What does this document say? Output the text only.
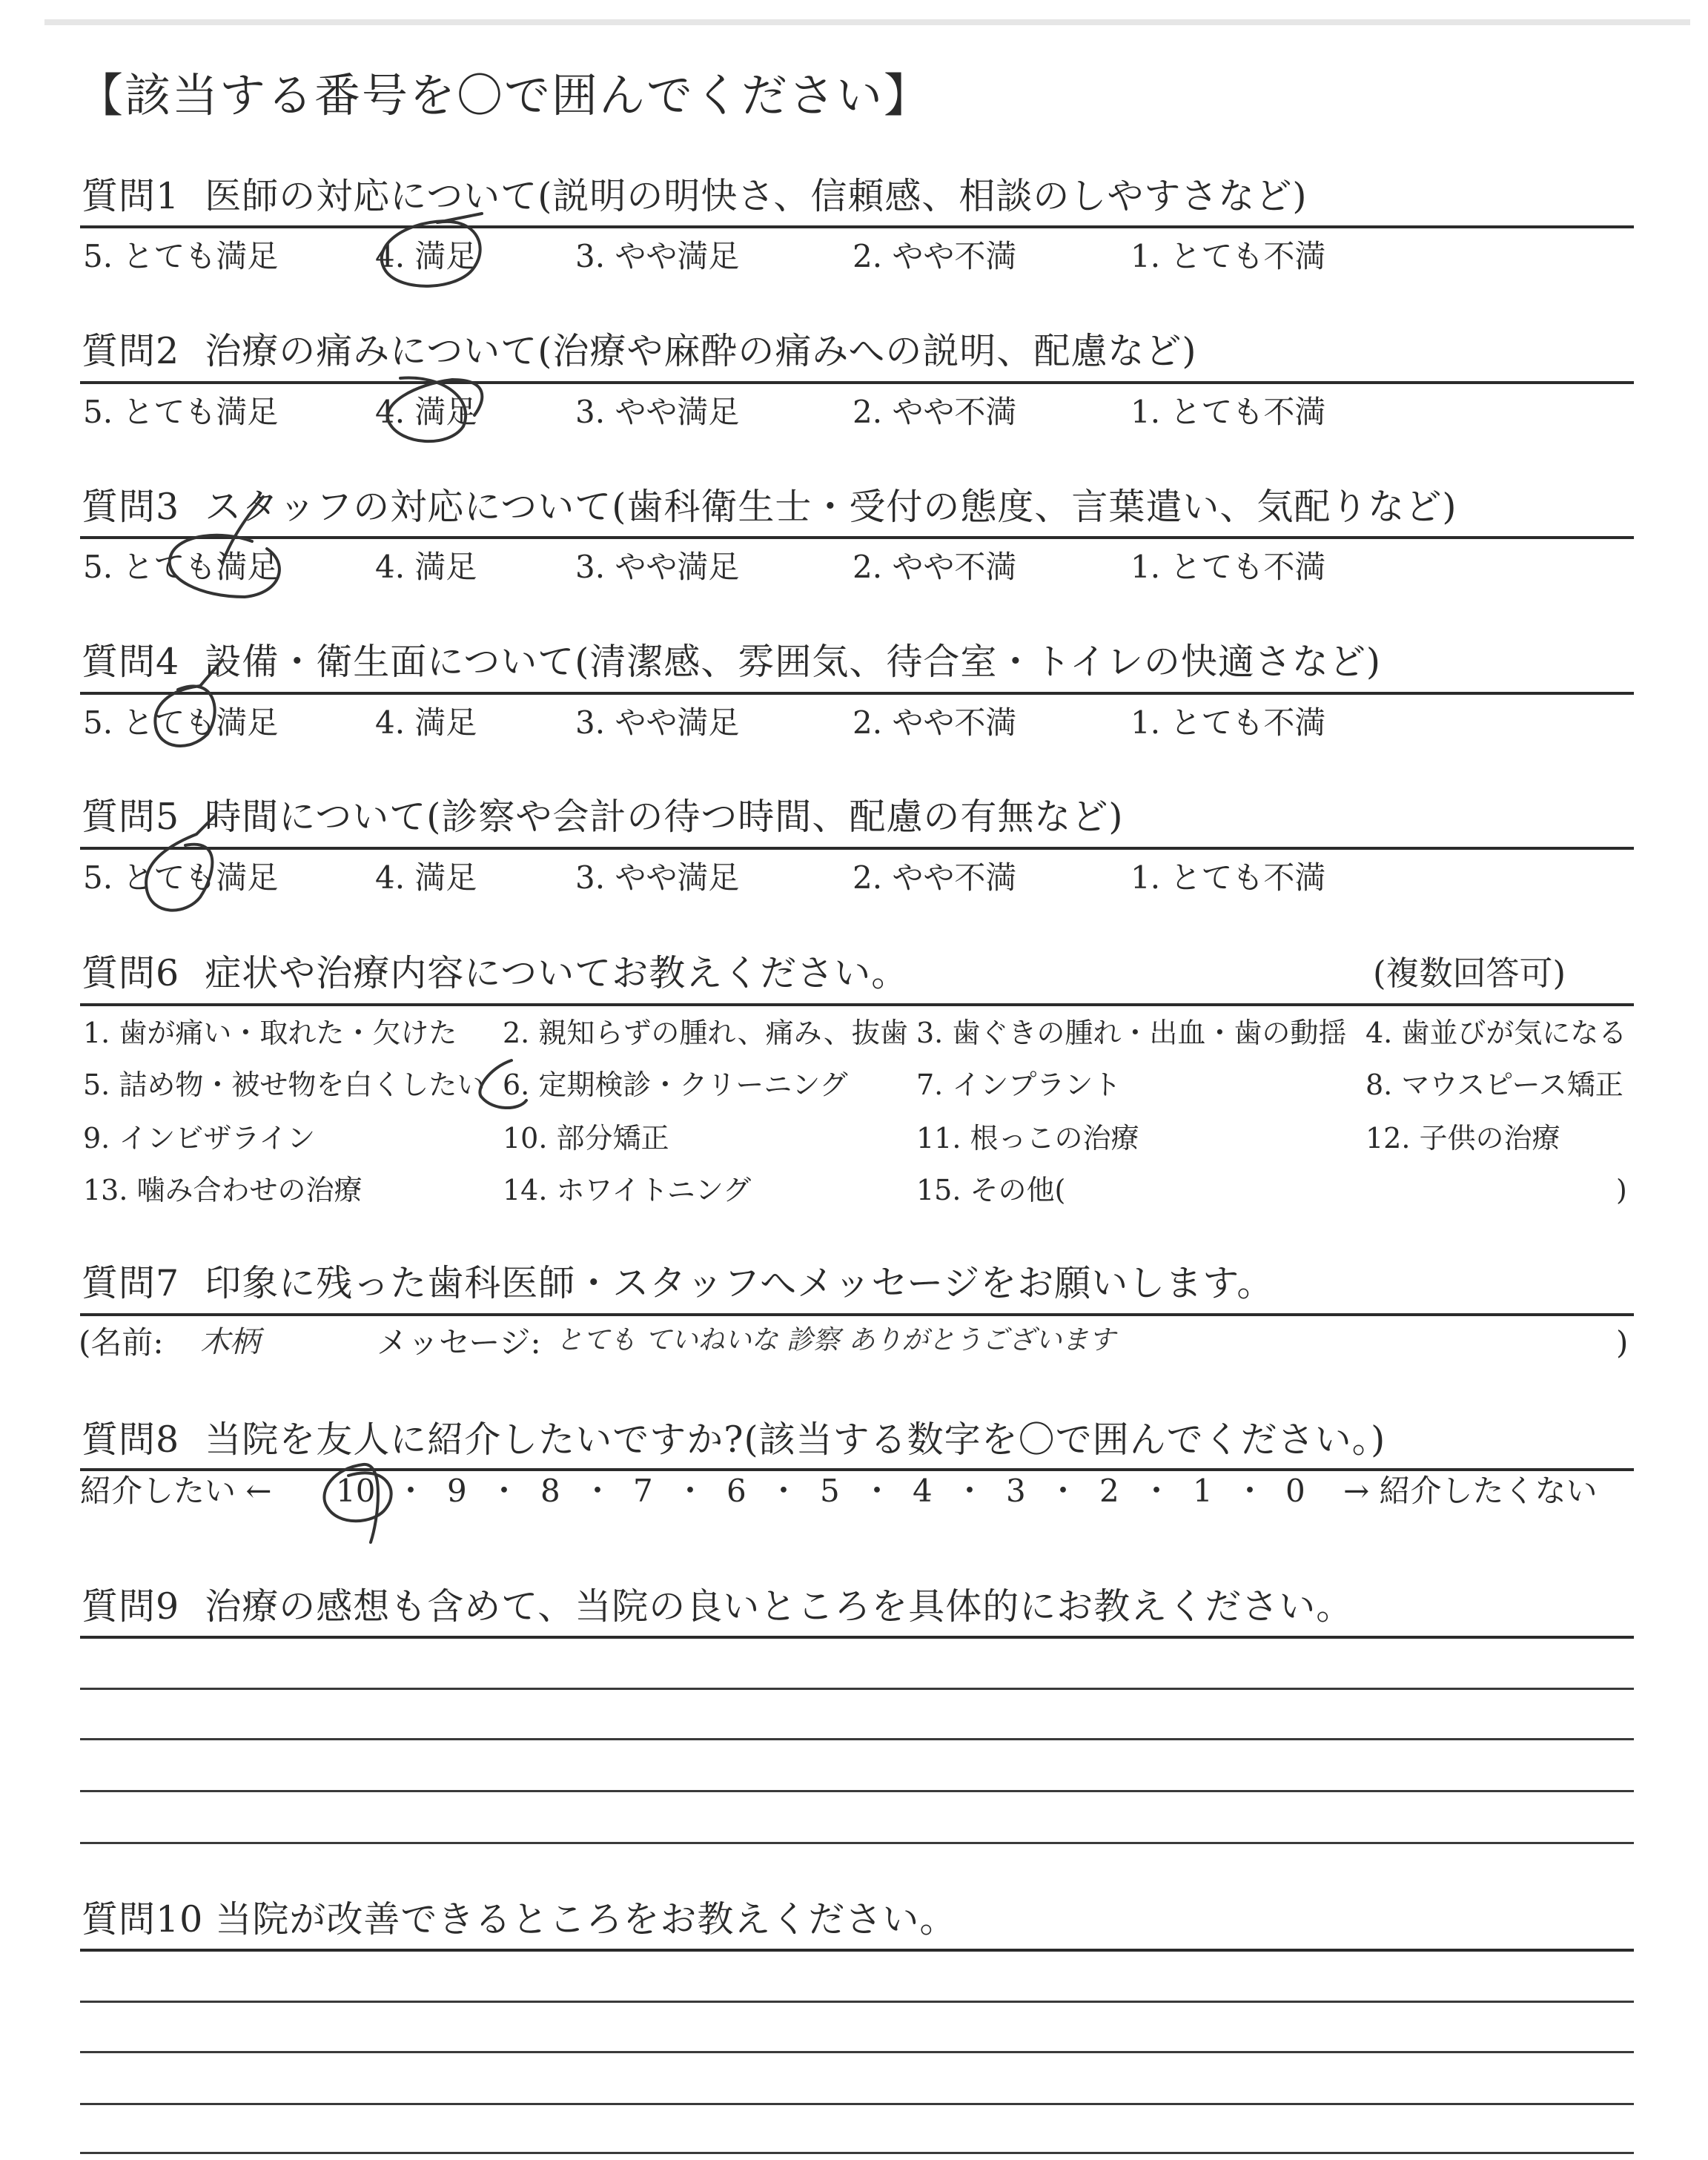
【該当する番号を〇で囲んでください】
質問1 医師の対応について(説明の明快さ、信頼感、相談のしやすさなど)
5. とても満足	4. 満足	3. やや満足	2. やや不満	1. とても不満
質問2 治療の痛みについて(治療や麻酔の痛みへの説明、配慮など)
5. とても満足	4. 満足	3. やや満足	2. やや不満	1. とても不満
質問3 スタッフの対応について(歯科衛生士・受付の態度、言葉遣い、気配りなど)
5. とても満足	4. 満足	3. やや満足	2. やや不満	1. とても不満
質問4 設備・衛生面について(清潔感、雰囲気、待合室・トイレの快適さなど)
5. とても満足	4. 満足	3. やや満足	2. やや不満	1. とても不満
質問5 時間について(診察や会計の待つ時間、配慮の有無など)
5. とても満足	4. 満足	3. やや満足	2. やや不満	1. とても不満
質問6 症状や治療内容についてお教えください。	(複数回答可)
1. 歯が痛い・取れた・欠けた 2. 親知らずの腫れ、痛み、抜歯 3. 歯ぐきの腫れ・出血・歯の動揺 4. 歯並びが気になる
5. 詰め物・被せ物を白くしたい 6. 定期検診・クリーニング 7. インプラント	8. マウスピース矯正
9. インビザライン	10. 部分矯正	11. 根っこの治療	12. 子供の治療
13. 噛み合わせの治療	14. ホワイトニング	15. その他(	)
質問7 印象に残った歯科医師・スタッフへメッセージをお願いします。
(名前: 木柄	メッセージ: とても ていねいな 診察 ありがとうございます	)
質問8 当院を友人に紹介したいですか?(該当する数字を〇で囲んでください。)
紹介したい ← 10 ・ 9 ・ 8 ・ 7 ・ 6 ・ 5 ・ 4 ・ 3 ・ 2 ・ 1 ・ 0 → 紹介したくない
質問9 治療の感想も含めて、当院の良いところを具体的にお教えください。
質問10 当院が改善できるところをお教えください。
